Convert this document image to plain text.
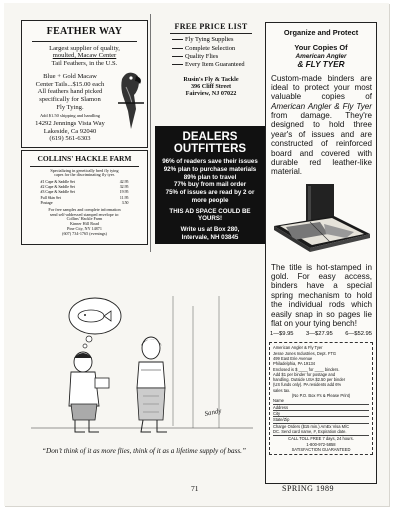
FEATHER WAY

Largest supplier of quality,

moulted, Macaw Center

Tail Feathers, in the U.S.

Blue + Gold Macaw

Center Tails...$15.00 each

All feathers hand picked

specifically for Slamon

Fly Tying.

Add $1.50 shipping and handling

14292 Jennings Vista Way

Lakeside, Ca 92040

(619) 561-6303

COLLINS' HACKLE FARM

Specializing in genetically bred fly tying

capes for the discriminating fly tyer.

#1 Cape & Saddle Set	42.95
#2 Cape & Saddle Set	32.95
#3 Cape & Saddle Set	19.95
Full Skin Set	11.95
Postage	3.50

For free samples and complete information

send self-addressed stamped envelope to:

Collins' Hackle Farm

Kinner Hill Road

Pine City, NY 14871

(607) 734-1765 (evenings)

FREE PRICE LIST

Fly Tying Supplies
Complete Selection
Quality Flies
Every Item Guaranteed

Rusin's Fly & Tackle

396 Cliff Street

Fairview, NJ 07022

DEALERS

OUTFITTERS

96% of readers save their issues

92% plan to purchase materials

89% plan to travel

77% buy from mail order

75% of issues are read by 2 or

more people

THIS AD SPACE COULD BE

YOURS!

Write us at Box 280,

Intervale, NH 03845

Organize and Protect

Your Copies Of

American Angler

& FLY TYER

Custom-made binders are ideal to protect your most valuable copies of American Angler & Fly Tyer from damage. They're designed to hold three year's of issues and are constructed of reinforced board and covered with durable red leather-like material.
The title is hot-stamped in gold. For easy access, binders have a special spring mechanism to hold the individual rods which easily snap in so pages lie flat on your tying bench!
1—$9.95 3—$27.95 6—$52.95
American Angler & Fly Tyer
Jesse Jones Industries, Dept. FTG
499 East Erie Avenue
Philadelphia, PA 19134
Enclosed is $ ____ for ____ binders.
Add $1 per binder for postage and
handling. Outside USA $2.50 per binder
(US funds only). PA residents add 6%
sales tax.
(No P.O. Box #'s & Please Print)
Name
Address
City
State/Zip
Charge Orders ($15 min.) AmEx Visa M/C
DC. Send card name, #, Expiration date.
CALL TOLL FREE 7 days, 24 hours.
1-800-972-5858
SATISFACTION GUARANTEED
Sandy
“Don’t think of it as more flies, think of it as a lifetime supply of bass.”
71	SPRING 1989
